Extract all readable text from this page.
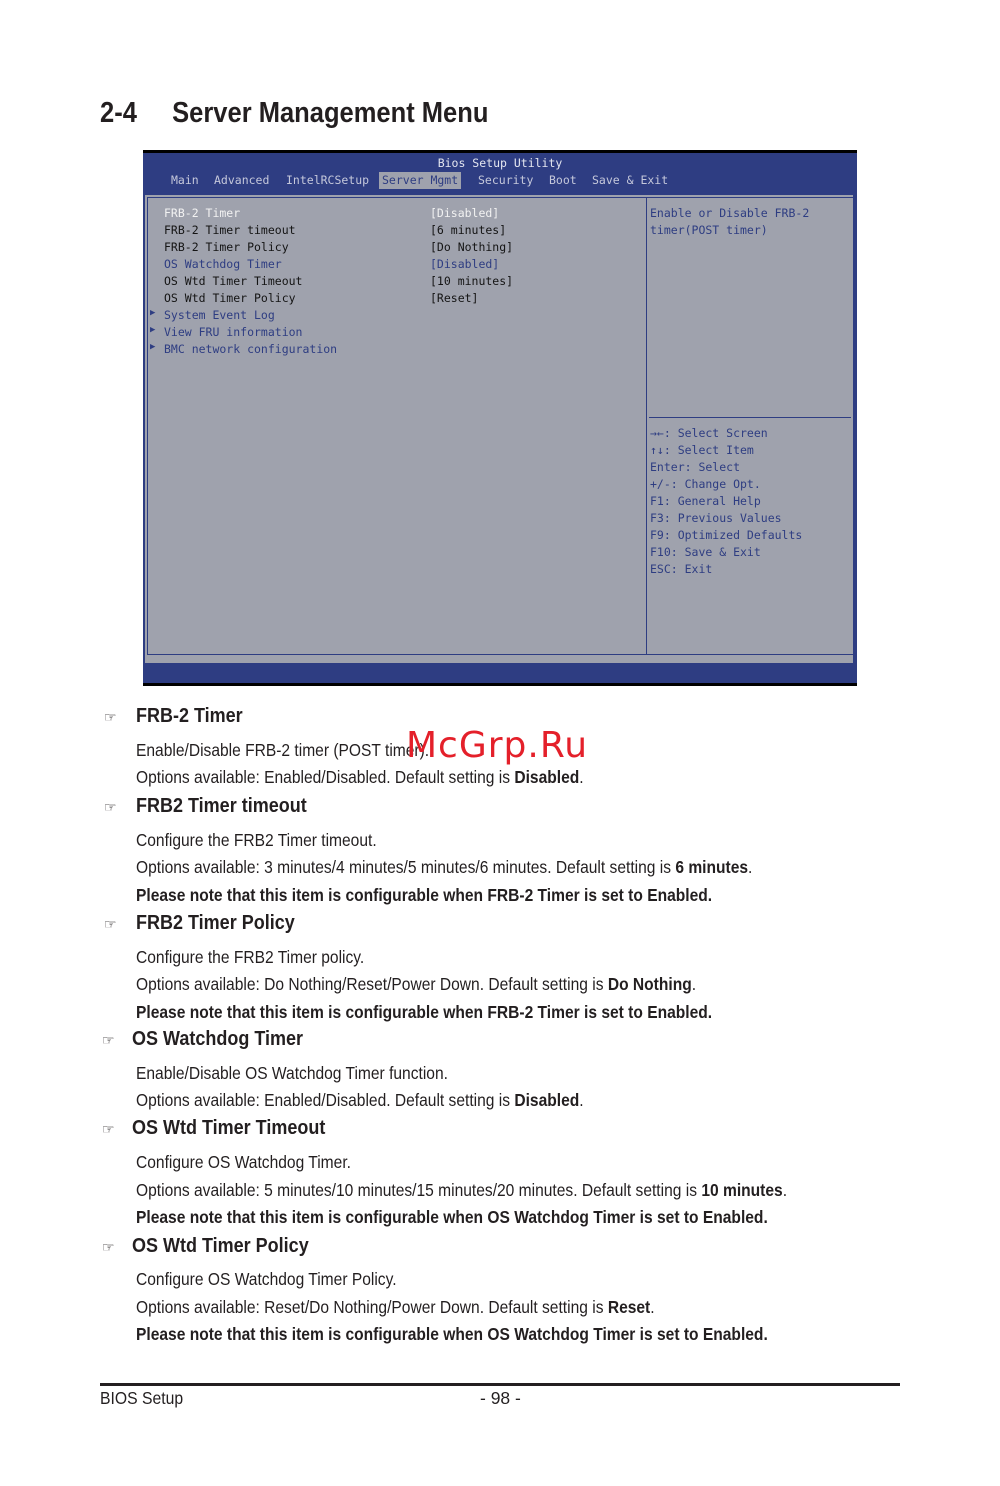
2-4 Server Management Menu
Bios Setup Utility
Main Advanced IntelRCSetup Server Mgmt Security Boot Save & Exit
FRB-2 Timer	[Disabled]
FRB-2 Timer timeout	[6 minutes]
FRB-2 Timer Policy	[Do Nothing]
OS Watchdog Timer	[Disabled]
OS Wtd Timer Timeout	[10 minutes]
OS Wtd Timer Policy	[Reset]
▶ System Event Log
▶ View FRU information
▶ BMC network configuration
Enable or Disable FRB-2
timer(POST timer)
→←: Select Screen
↑↓: Select Item
Enter: Select
+/-: Change Opt.
F1: General Help
F3: Previous Values
F9: Optimized Defaults
F10: Save & Exit
ESC: Exit
☞ FRB-2 Timer
Enable/Disable FRB-2 timer (POST timer).
Options available: Enabled/Disabled. Default setting is Disabled.
☞ FRB2 Timer timeout
Configure the FRB2 Timer timeout.
Options available: 3 minutes/4 minutes/5 minutes/6 minutes. Default setting is 6 minutes.
Please note that this item is configurable when FRB-2 Timer is set to Enabled.
☞ FRB2 Timer Policy
Configure the FRB2 Timer policy.
Options available: Do Nothing/Reset/Power Down. Default setting is Do Nothing.
Please note that this item is configurable when FRB-2 Timer is set to Enabled.
☞ OS Watchdog Timer
Enable/Disable OS Watchdog Timer function.
Options available: Enabled/Disabled. Default setting is Disabled.
☞ OS Wtd Timer Timeout
Configure OS Watchdog Timer.
Options available: 5 minutes/10 minutes/15 minutes/20 minutes. Default setting is 10 minutes.
Please note that this item is configurable when OS Watchdog Timer is set to Enabled.
☞ OS Wtd Timer Policy
Configure OS Watchdog Timer Policy.
Options available: Reset/Do Nothing/Power Down. Default setting is Reset.
Please note that this item is configurable when OS Watchdog Timer is set to Enabled.
McGrp.Ru
BIOS Setup	- 98 -
